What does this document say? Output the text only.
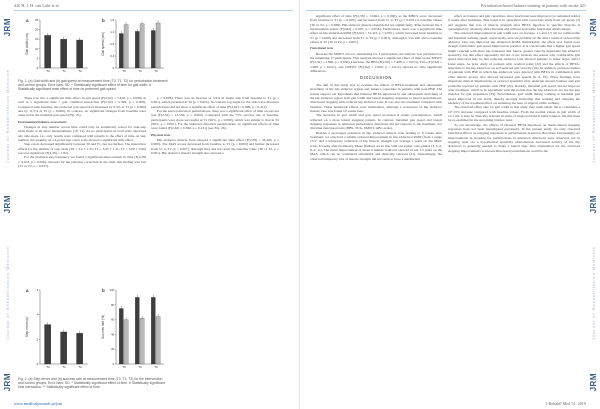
420 H. J. H. van Löhf et al.
JRM
Journal of Rehabilitation Medicine
JRM
Journal of Rehabilitation Medicine
JRM
a
Gait width (cm)
0
5
10
15
20
25
T0	T1	T2
b
Gait speed (m/s)
0
0.4
0.8
1.2
1.6
T0	T1	T2
Fig. 1. (a) Gait width and (b) gait speed at measurement time (T0, T1, T2) for perturbation treatment and control groups. Error bars: SD. * Statistically significant effect of time for gait width. # Statistically significant main effect of time on preferred gait speed.

There was also a significant time effect in gait speed (F(2,62) = 5.458, p = 0.008) as well as a significant time × gait condition interaction (F(2,62) = 5.399, p = 0.008). Compared with baseline, the preferred gait speed had increased by 8.3% at T1 (p = 0.000) and by 11.5% at T2 (p = 0.000). In contrast, no significant changes from baseline were observed in the maximal gait speed (Fig. 2b).

Instrumented balance assessment

Changes in step number across time could only be statistically tested for side-step trials made at all three measurements (10−15). As no participants in both arms disclosed any side-steps, i.e., only results were compared with regards to the effect of time on step number, the quantity on a 4-point step count scale showed a significant time effect.

Step errors decreased significantly between T0 and T1, but not further. The interaction effects for the number of step trials (T0 = 3.2 ± 1.35; T1 = 3.05 ± 1.11; T2 = 3.00 ± 0.96) was not significant (F(2,36) = 1.82).

For the maximal step frequency we found a significant improvement in time (F(2,28) = 4.103, p = 0.026), whereas for the pairwise correction in the trials this finding was lost (T1 vs T2, p = 0.057).

p = 0.008). There was an increase of 5.9% in single step from baseline to T1 (p = 0.001), which persisted at T2 (p = 0.005). In contrast, leg angle for the side-wave direction perturbations did not show a significant effect of time (F(2,62) = 0.899, p = 0.412).

For the known direction perturbations, there was a significant effect of time on success rate (F(2,32) = 12.559, p = 0.000). Compared with the 75% success rate at baseline, participants were more successful at T1 (90%, p = 0.000), which was similar to that at T2 (90%, p = 0.001). For the unknown direction perturbations, no significant effects of time were found (F(2,62) = 0.366, p = 0.131) (see Fig. 2b).

Physical tests

Hip abductor muscle force showed a significant time effect (F(2,58) = 33.490, p = 0.000). The MAS scores decreased from baseline to T1 (p = 0.000) and further increased from T1 to T2 (p = 0.007), although they did not reach the baseline value (T0 vs T2, p = 0.001). Hip abductor muscle strength also showed a

a
Step errors (n)
0
2
4
6
T0	T1	T2
b
Success rate (%)
0
20
40
60
80
100
T0	T1	T2
Fig. 2. (a) Step errors and (b) success rate at measurement time (T0, T1, T2) for the intervention and control groups. Error bars: SD. * Statistically significant effect of time. # Statistically significant time interaction. ** Statistically significant effect of time.
www.medicaljournals.se/jrm
Perturbation-based balance training in patients with stroke 421
JRM
Journal of Rehabilitation Medicine
JRM
Journal of Rehabilitation Medicine
JRM

significant effect of time (F(2,58) = 13.604, p = 0.000), as the MBCS score decreased from baseline to T1 (p = 0.005), and increased from T1 to T2 (p < 0.001) to baseline values (T0 vs T2, p = 0.669). Hip abductor muscle strength did not significantly differ between the 3 measurement points (F(2,62) = 0.997, p = 0.056). Furthermore, there was a significant time effect on hip abduction ROM (F(2,62) = 31.415, p < 0.001), which increased from baseline to T1 (p < 0.000) and decreased from T1 to T2 (p < 0.001), although it was still above baseline values at T2 (T0 vs T2, p = 0.001).

Functional tests

Because the 6MWT was too demanding for 3 participants, the analysis was performed on the remaining 17 participants. This analysis showed a significant effect of time on the 6MWT (F(2,32) = 2.896, p = 0.030). Likewise, the BBS (F(2,60) = 7.488, p = 0.013), TUG (F(2,62) = 2.960, p = 0.021), and 10MWT (F(2,62) = 2.068, p = 0.012) showed no time significant differences.

DISCUSSION

The aim of this study was to evaluate the effects of BETA-treatment and subsequent stretching of the hip abductor region and balance capacities in patients with post-HSP. The results support our hypothesis that bilateral BETA injections in and subsequent stretching of the hip abductor region both gait width and lateral stepping responses to lateral perturbations, directional stepping with reduced hip abductor tone. It was also the treatment compared with baseline. These beneficial effects were maintained, although a recurrence of hip abductor muscle tone was found 10 weeks later.

The decrease in gait width and gait speed increased 6 weeks post-injection, which reflected on a more lateral stepping pattern. In contrast, maximal gait speed and lateral stepping responses in unknown perturbation directions did not respond to the treatment, nor did other functional tests (BBS, TUG, 6MWT, ABC-scale).

Besides a prolonged reduction in hip adductor muscle tone leading to 6 weeks after treatment, we observed a similar reduced improvement in hip adduction ROM (from a range 15.5° and a temporary reduction of hip muscle strength (on average 1 point on the MRC scale, 6 weeks after treatment). These findings are in line with our earlier case studies (3, 5, 6, 8, 9, 11). The mean improvement of mean 6 minute walk test showed in our 1.5 point on the MAS, which can be considered substantial and clinically relevant (21). Interestingly, the observed temporary loss of muscle strength did not seem to have a detrimental

effect on balance and gait capacities, since functional tests improved (or remained stable) 6 weeks after treatment. This result is in agreement with a previous study from our group (3) and suggests that loss of muscle strength after BETA injection to specific muscles is outweighed by relatively short duration and without noticeable functional disadvantage.

The observed improvement in gait width was, on average, 1.1 and 1.5 cm for comfortable and maximal walking speed, respectively, and can probably be the direct result of reduced hip adductor tone and improved hip abduction ROM. Remarkably, the effect was found even though comfortable gait speed improved in parallel. It is conceivable that a higher gait speed might coincide with more hip extension and, hence, greater velocity-dependent hip adductor spasticity, but this effect apparently did not occur. Instead, the reason why comfortable gait speed improved may be that reducing adductor tone allowed patients to make larger and/or faster steps. As prior study of patients with cerebral palsy (22) and the effects of BETA-injections to the hip adductors on self-selected gait velocity (22). In addition, previous studies of patients with HSP in which hip adductors were injected with BETA in combination with other muscle groups also showed increased gait speeds (6, 9, 10). These findings have important clinical implications as reduced spasticity may underpin known balance and gait problems reported by patients with HSP (24). Notably, maximal gait speed did not improve after treatment, which is in agreement with the notion that the hip adductors are not the key muscles for gait propulsion (25). Nevertheless, gait width during walking at maximal gait speed improved in our study, thereby strongly indicating that walking and reducing the tendency of the treatment effect on widening the base of support while walking.

The observed effect size for gait width in this study may seem small, but it constitutes a 10−15% increase compared with baseline values. From the normal values in gait width of 14.1 cm, it may be clinically relevant in terms of improved lateral plane balance, but this must be re-examined in the upcoming balance tests.

To our knowledge, the effects of bilateral BETA-injections on medio-lateral stepping responses have not been investigated previously. In the present study, we only observed beneficial effects on stepping responses to perturbations in known directions. Interestingly, no improvements in stepping for perturbations in unknown directions were observed, nor in stepping tests. As a hypothetical spasticity phenomenon, increased activity of the hip abductors is generally needed to make a lateral step. One explanation for the observed stepping improvements to known directional perturbations could be the

J Rehabil Med 51, 2019
